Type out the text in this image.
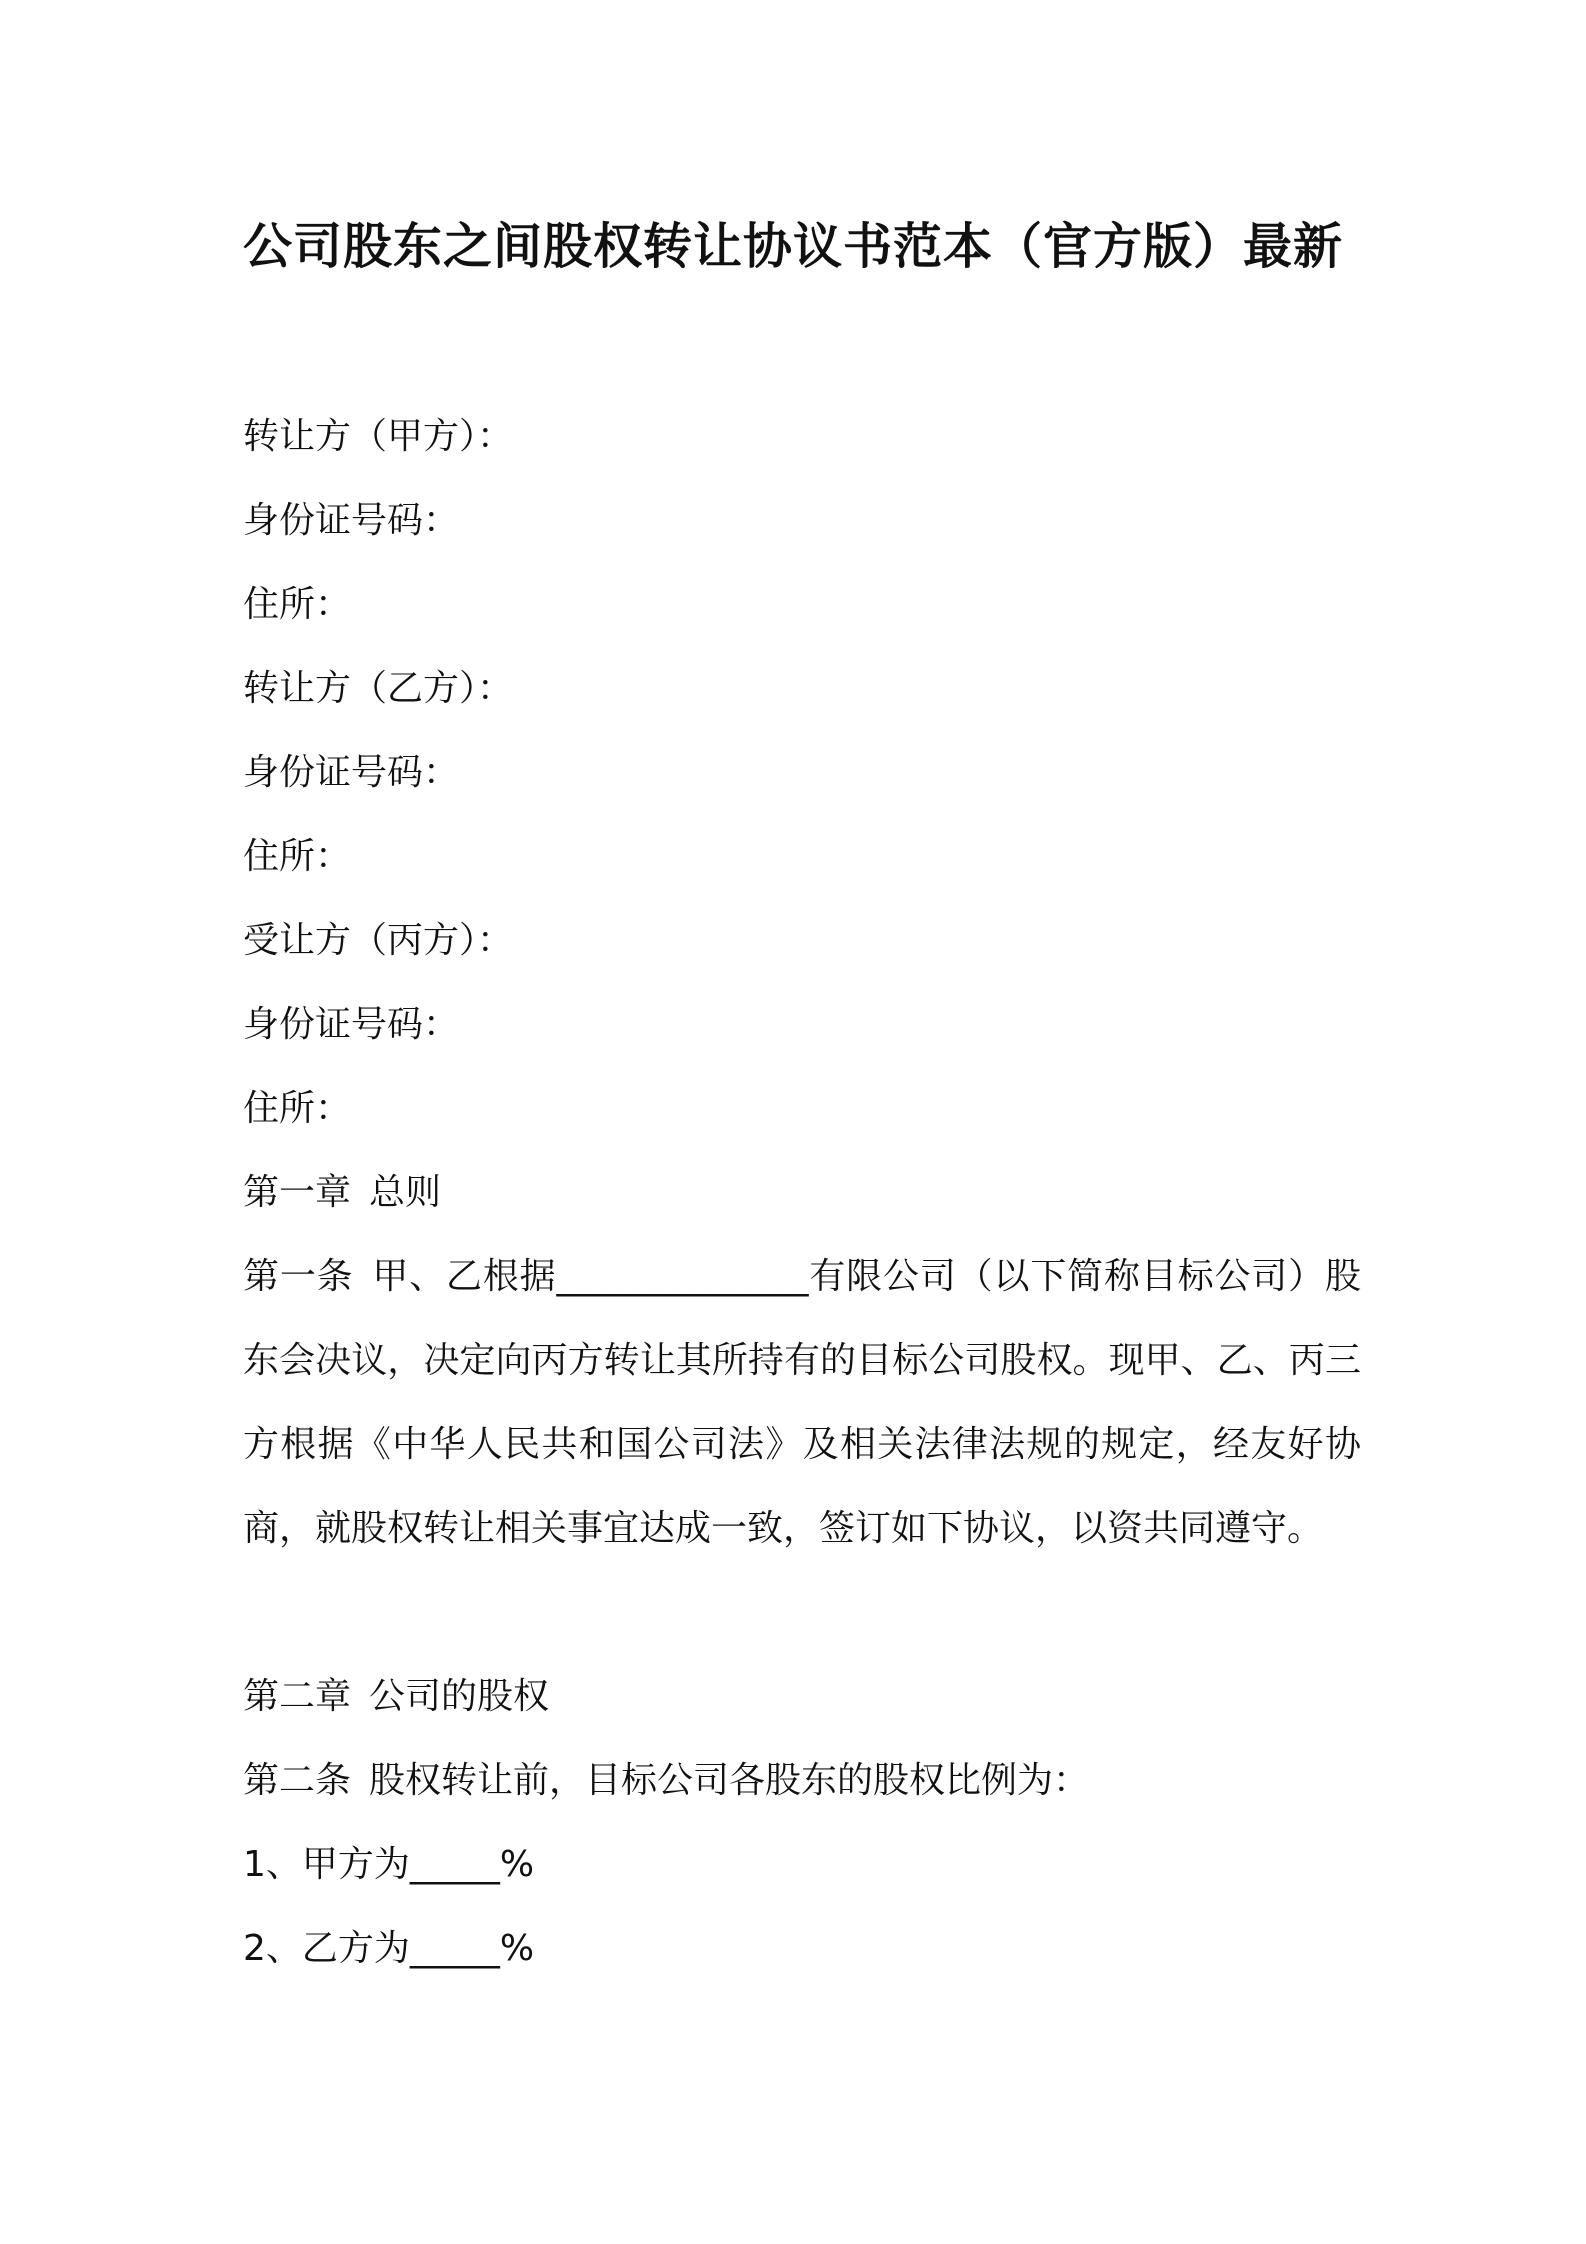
公司股东之间股权转让协议书范本（官方版）最新
转让方（甲方）：
身份证号码：
住所：
转让方（乙方）：
身份证号码：
住所：
受让方（丙方）：
身份证号码：
住所：
第一章 总则
第一条 甲、乙根据______________有限公司（以下简称目标公司）股东会决议，决定向丙方转让其所持有的目标公司股权。现甲、乙、丙三方根据《中华人民共和国公司法》及相关法律法规的规定，经友好协商，就股权转让相关事宜达成一致，签订如下协议，以资共同遵守。
第二章 公司的股权
第二条 股权转让前，目标公司各股东的股权比例为：
1、甲方为_____%
2、乙方为_____%
